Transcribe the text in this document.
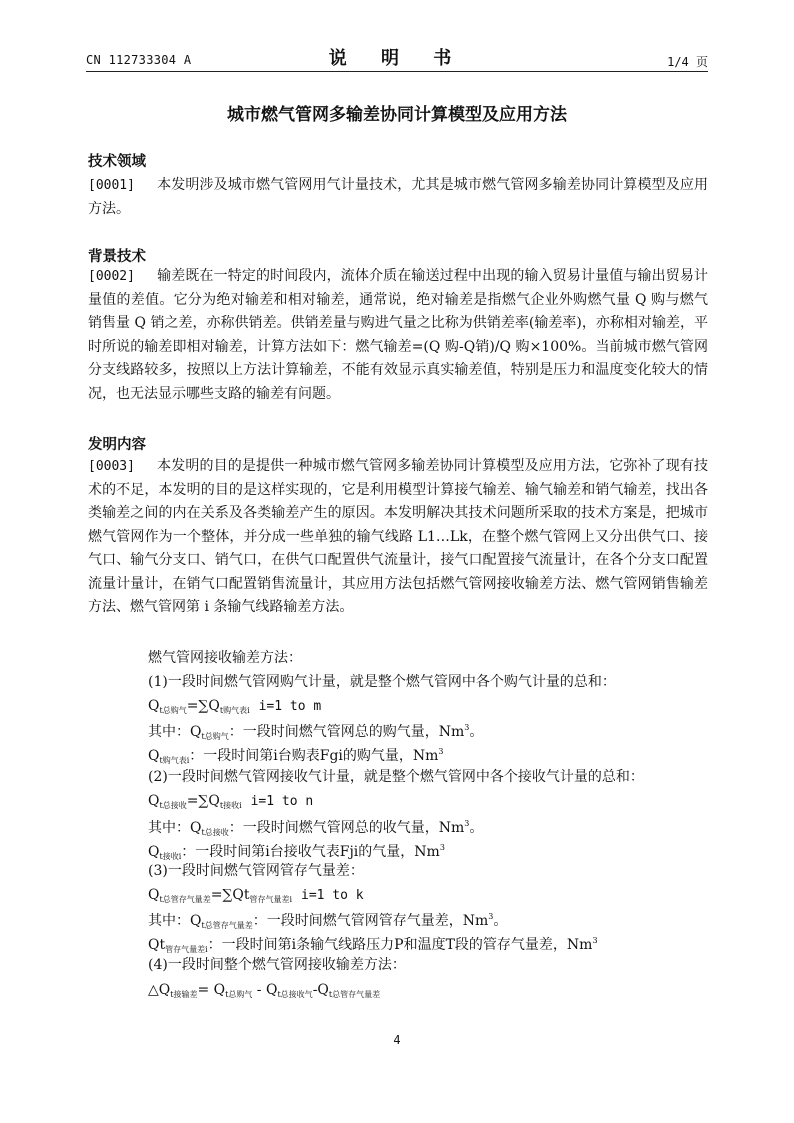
CN 112733304 A	说 明 书	1/4 页
城市燃气管网多输差协同计算模型及应用方法
技术领域
[0001] 本发明涉及城市燃气管网用气计量技术，尤其是城市燃气管网多输差协同计算模型及应用方法。
背景技术
[0002] 输差既在一特定的时间段内，流体介质在输送过程中出现的输入贸易计量值与输出贸易计量值的差值。它分为绝对输差和相对输差，通常说，绝对输差是指燃气企业外购燃气量 Q 购与燃气销售量 Q 销之差，亦称供销差。供销差量与购进气量之比称为供销差率(输差率)，亦称相对输差，平时所说的输差即相对输差，计算方法如下：燃气输差=(Q 购-Q销)/Q 购×100%。当前城市燃气管网分支线路较多，按照以上方法计算输差，不能有效显示真实输差值，特别是压力和温度变化较大的情况，也无法显示哪些支路的输差有问题。
发明内容
[0003] 本发明的目的是提供一种城市燃气管网多输差协同计算模型及应用方法，它弥补了现有技术的不足，本发明的目的是这样实现的，它是利用模型计算接气输差、输气输差和销气输差，找出各类输差之间的内在关系及各类输差产生的原因。本发明解决其技术问题所采取的技术方案是，把城市燃气管网作为一个整体，并分成一些单独的输气线路 L1…Lk，在整个燃气管网上又分出供气口、接气口、输气分支口、销气口，在供气口配置供气流量计，接气口配置接气流量计，在各个分支口配置流量计量计，在销气口配置销售流量计，其应用方法包括燃气管网接收输差方法、燃气管网销售输差方法、燃气管网第 i 条输气线路输差方法。
燃气管网接收输差方法：
(1)一段时间燃气管网购气计量，就是整个燃气管网中各个购气计量的总和：
$Q_{t总购气}=\sum Q_{t购气表i}$ i=1 to m
其中：$Q_{t总购气}$：一段时间燃气管网总的购气量，Nm$^3$。
$Q_{t购气表i}$：一段时间第i台购表Fgi的购气量，Nm$^3$
(2)一段时间燃气管网接收气计量，就是整个燃气管网中各个接收气计量的总和：
$Q_{t总接收}=\sum Q_{t接收i}$ i=1 to n
其中：$Q_{t总接收}$：一段时间燃气管网总的收气量，Nm$^3$。
$Q_{t接收i}$：一段时间第i台接收气表Fji的气量，Nm$^3$
(3)一段时间燃气管网管存气量差：
$Q_{t总管存气量差}=\sum Qt_{管存气量差i}$ i=1 to k
其中：$Q_{t总管存气量差}$：一段时间燃气管网管存气量差，Nm$^3$。
$Qt_{管存气量差i}$：一段时间第i条输气线路压力P和温度T段的管存气量差，Nm$^3$
(4)一段时间整个燃气管网接收输差方法：
$\triangle Q_{t接输差}= Q_{t总购气} - Q_{t总接收气}-Q_{t总管存气量差}$
4
